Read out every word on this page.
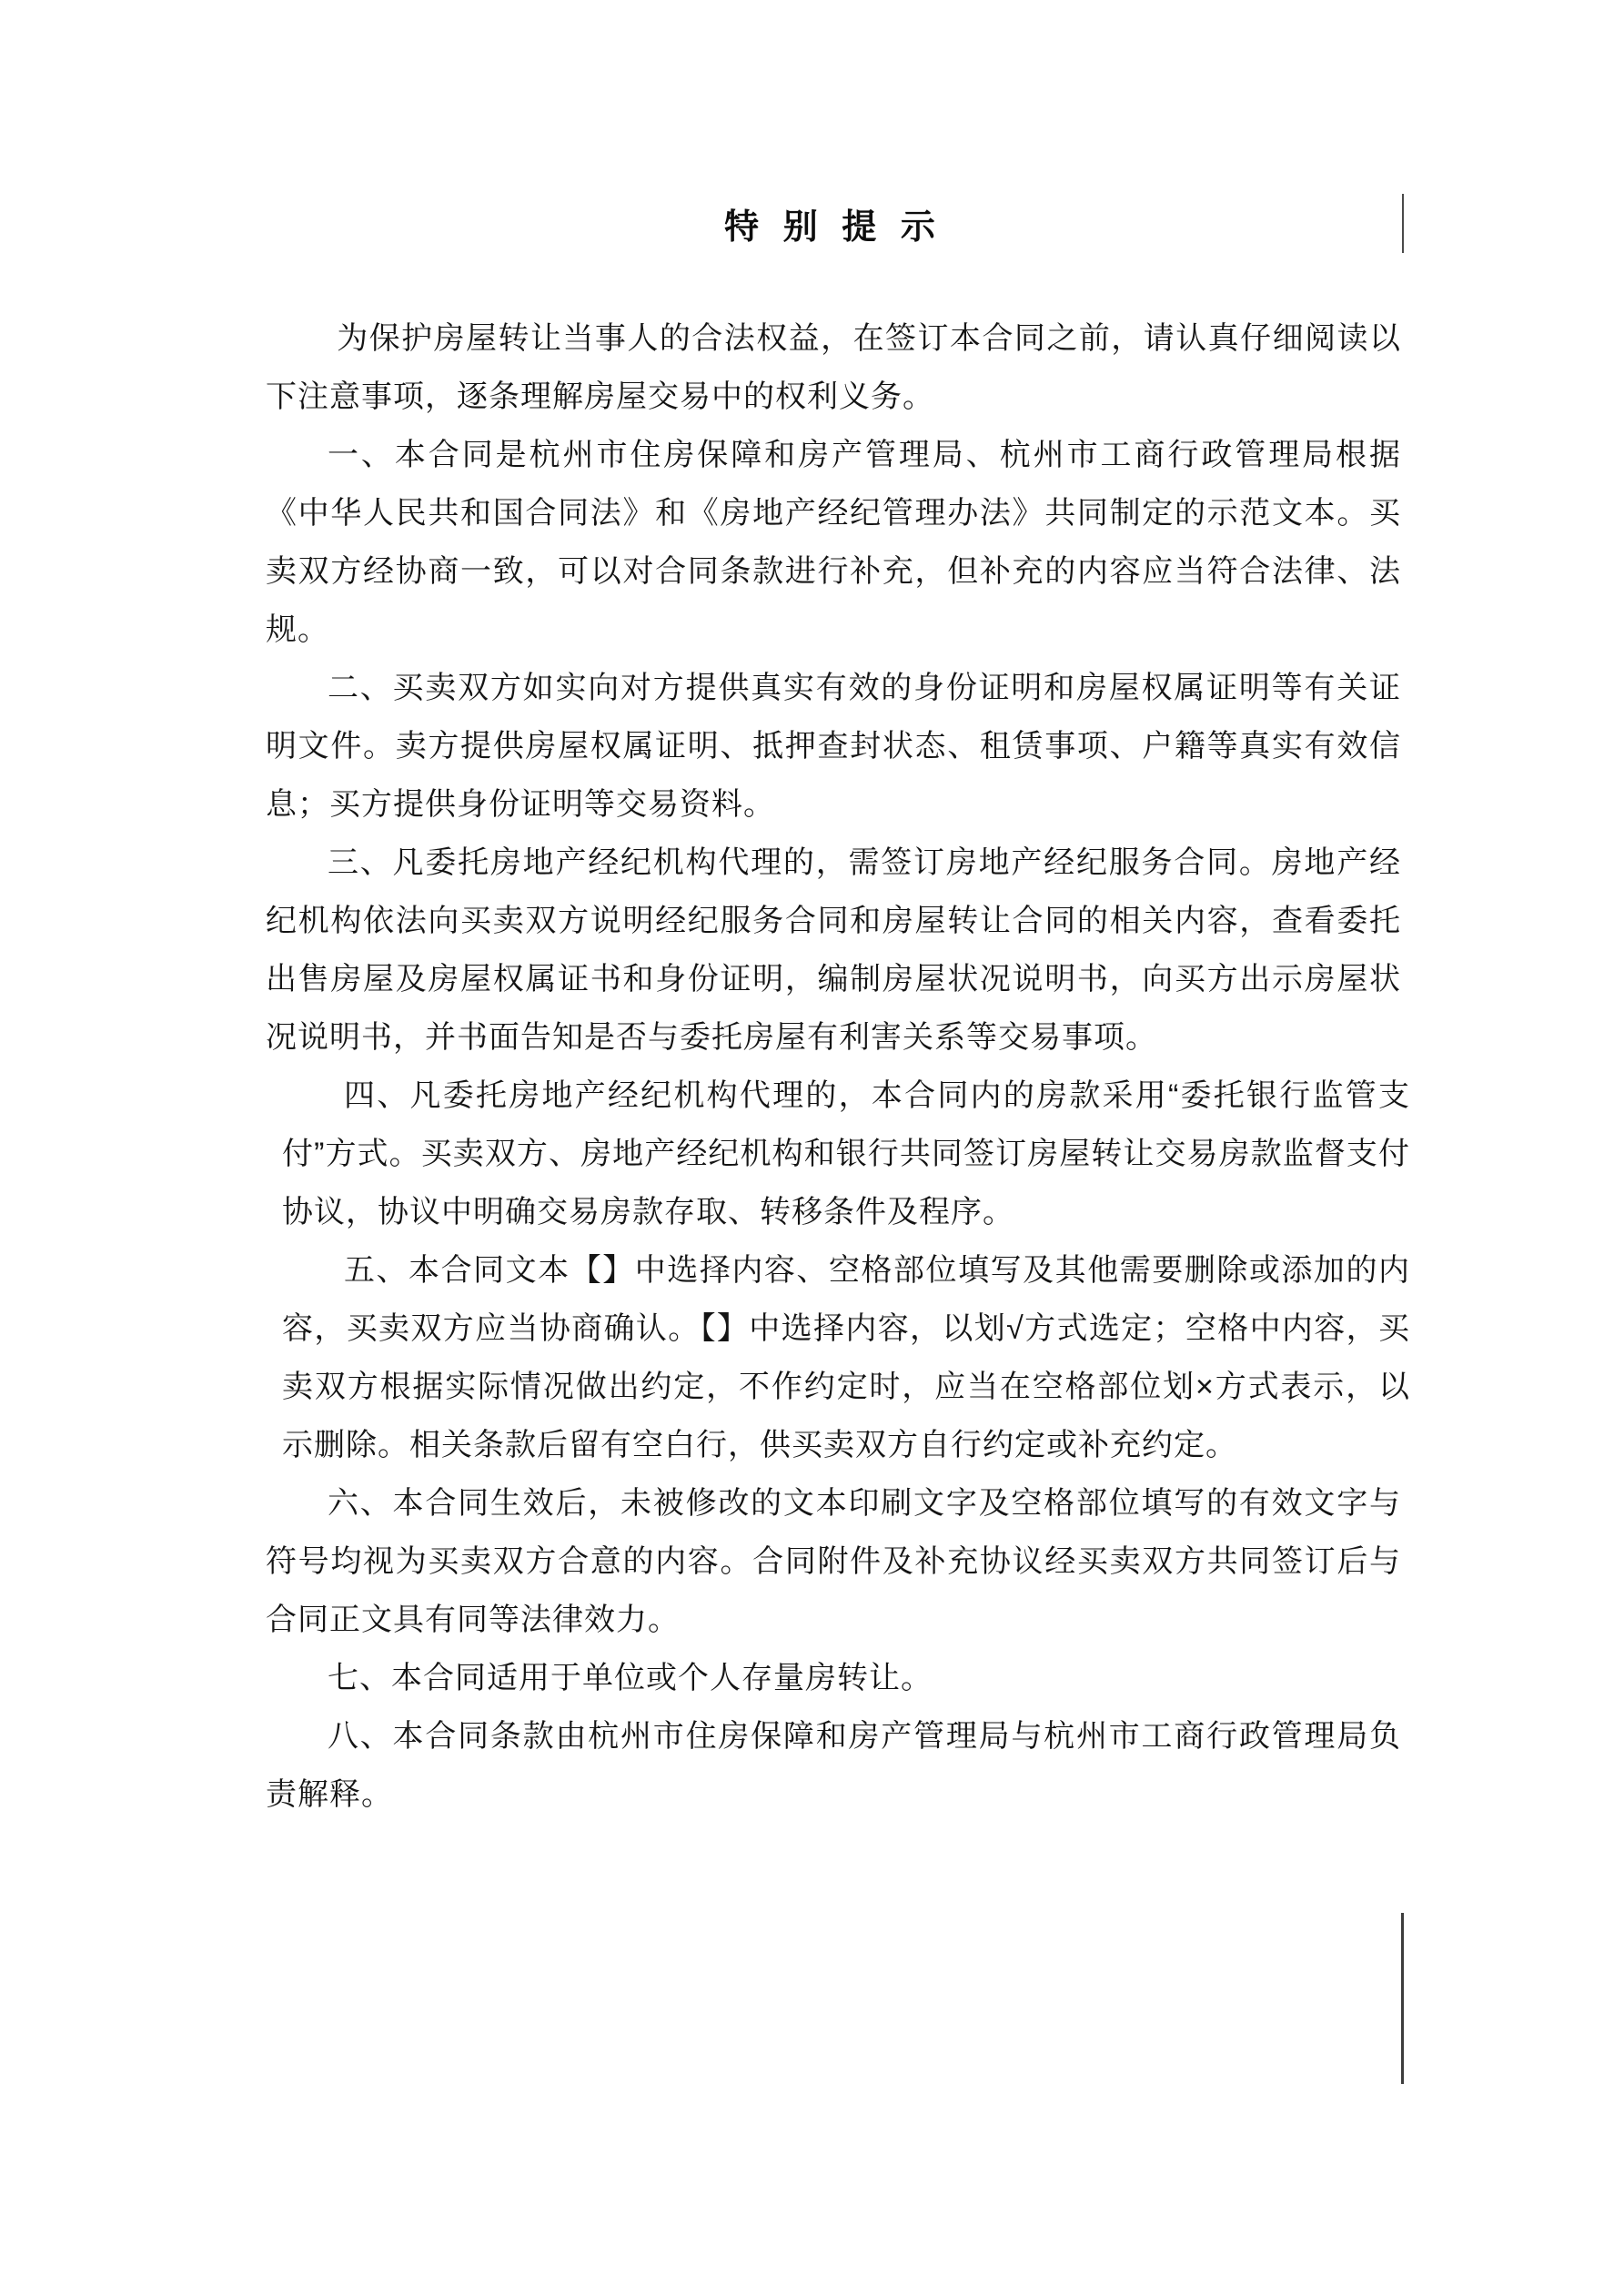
特 别 提 示

为保护房屋转让当事人的合法权益，在签订本合同之前，请认真仔细阅读以下注意事项，逐条理解房屋交易中的权利义务。

一、本合同是杭州市住房保障和房产管理局、杭州市工商行政管理局根据《中华人民共和国合同法》和《房地产经纪管理办法》共同制定的示范文本。买卖双方经协商一致，可以对合同条款进行补充，但补充的内容应当符合法律、法规。

二、买卖双方如实向对方提供真实有效的身份证明和房屋权属证明等有关证明文件。卖方提供房屋权属证明、抵押查封状态、租赁事项、户籍等真实有效信息；买方提供身份证明等交易资料。

三、凡委托房地产经纪机构代理的，需签订房地产经纪服务合同。房地产经纪机构依法向买卖双方说明经纪服务合同和房屋转让合同的相关内容，查看委托出售房屋及房屋权属证书和身份证明，编制房屋状况说明书，向买方出示房屋状况说明书，并书面告知是否与委托房屋有利害关系等交易事项。

四、凡委托房地产经纪机构代理的，本合同内的房款采用“委托银行监管支付”方式。买卖双方、房地产经纪机构和银行共同签订房屋转让交易房款监督支付协议，协议中明确交易房款存取、转移条件及程序。

五、本合同文本【】中选择内容、空格部位填写及其他需要删除或添加的内容，买卖双方应当协商确认。【】中选择内容，以划√方式选定；空格中内容，买卖双方根据实际情况做出约定，不作约定时，应当在空格部位划×方式表示，以示删除。相关条款后留有空白行，供买卖双方自行约定或补充约定。

六、本合同生效后，未被修改的文本印刷文字及空格部位填写的有效文字与符号均视为买卖双方合意的内容。合同附件及补充协议经买卖双方共同签订后与合同正文具有同等法律效力。

七、本合同适用于单位或个人存量房转让。

八、本合同条款由杭州市住房保障和房产管理局与杭州市工商行政管理局负责解释。
